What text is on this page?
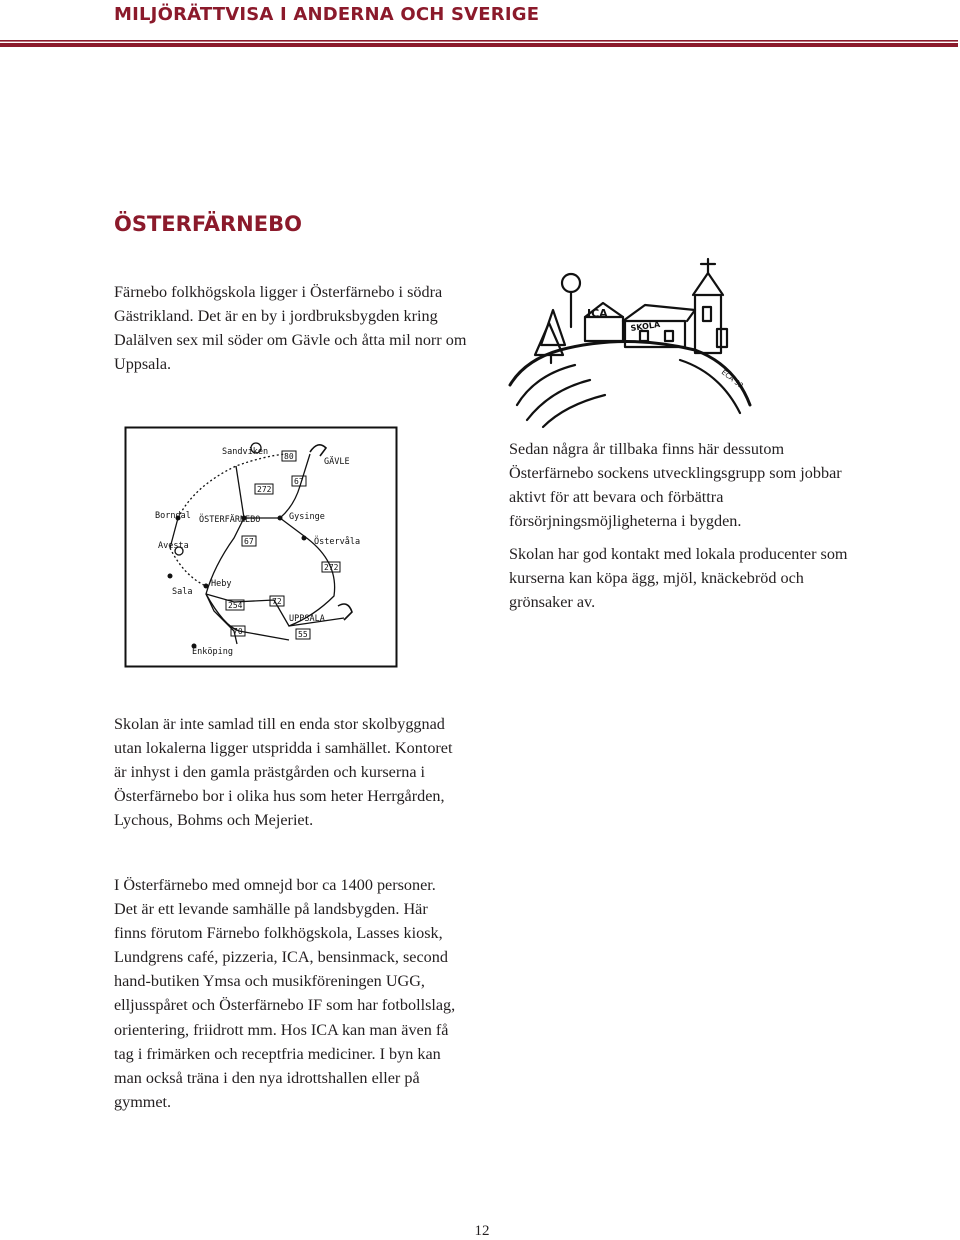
MILJÖRÄTTVISA I ANDERNA OCH SVERIGE
ÖSTERFÄRNEBO

Färnebo folkhögskola ligger i Österfärnebo i södra Gästrikland. Det är en by i jordbruksbygden kring Dalälven sex mil söder om Gävle och åtta mil norr om Uppsala.

ICA
SKOLA
ECA 93
Sandviken
GÄVLE
Borndal ÖSTERFÄRNEBO	Gysinge
Avesta	Östervåla
Heby
Sala
UPPSALA
Enköping
80
67
272
67
272
254	72
70	55

Sedan några år tillbaka finns här dessutom Österfärnebo sockens utvecklingsgrupp som jobbar aktivt för att bevara och förbättra försörjningsmöjligheterna i bygden.

Skolan har god kontakt med lokala producenter som kurserna kan köpa ägg, mjöl, knäckebröd och grönsaker av.

Skolan är inte samlad till en enda stor skolbyggnad utan lokalerna ligger utspridda i samhället. Kontoret är inhyst i den gamla prästgården och kurserna i Österfärnebo bor i olika hus som heter Herrgården, Lychous, Bohms och Mejeriet.

I Österfärnebo med omnejd bor ca 1400 personer. Det är ett levande samhälle på landsbygden. Här finns förutom Färnebo folkhögskola, Lasses kiosk, Lundgrens café, pizzeria, ICA, bensinmack, second hand-butiken Ymsa och musikföreningen UGG, elljusspåret och Österfärnebo IF som har fotbollslag, orientering, friidrott mm. Hos ICA kan man även få tag i frimärken och receptfria mediciner. I byn kan man också träna i den nya idrottshallen eller på gymmet.

12
